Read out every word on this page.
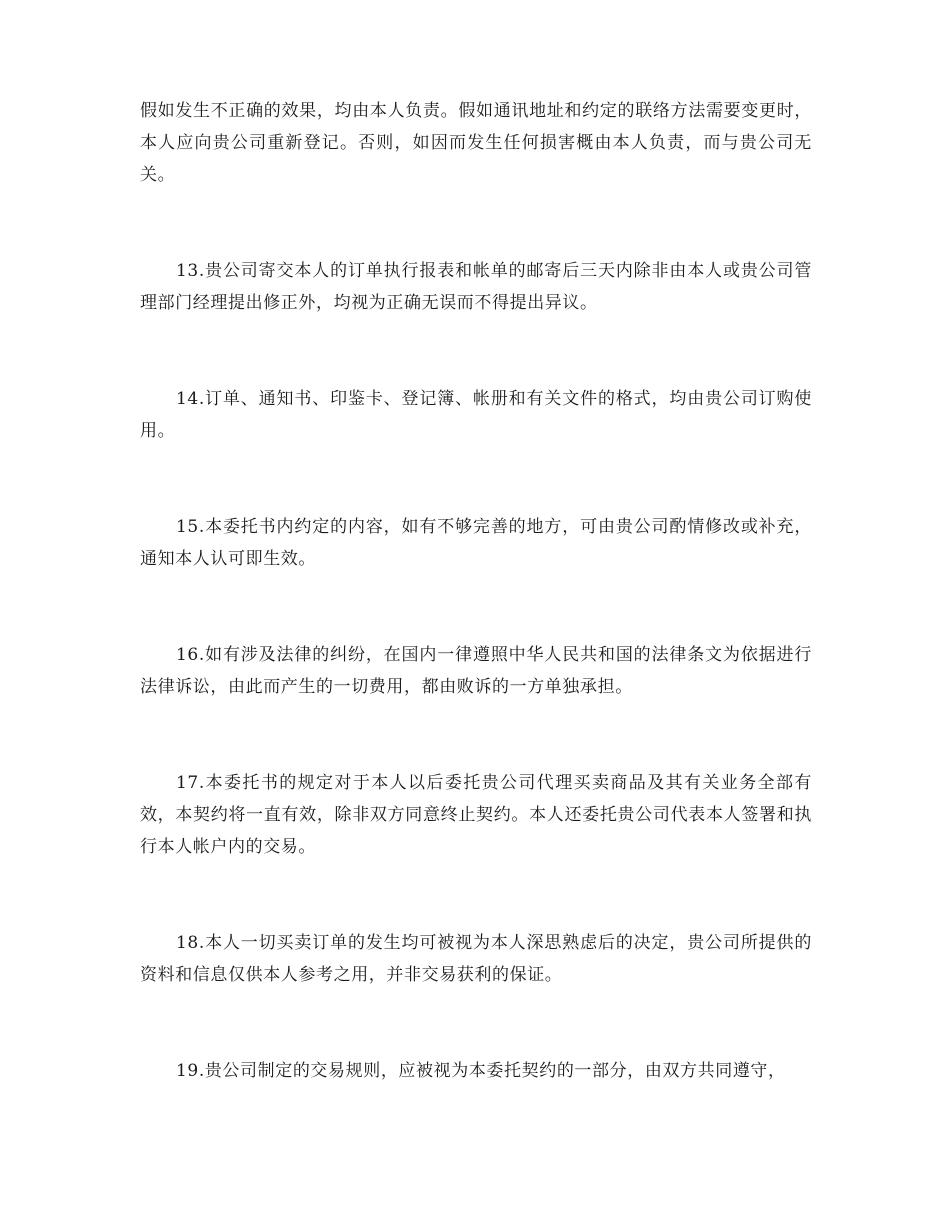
假如发生不正确的效果，均由本人负责。假如通讯地址和约定的联络方法需要变更时，本人应向贵公司重新登记。否则，如因而发生任何损害概由本人负责，而与贵公司无关。

13.贵公司寄交本人的订单执行报表和帐单的邮寄后三天内除非由本人或贵公司管理部门经理提出修正外，均视为正确无误而不得提出异议。

14.订单、通知书、印鉴卡、登记簿、帐册和有关文件的格式，均由贵公司订购使用。

15.本委托书内约定的内容，如有不够完善的地方，可由贵公司酌情修改或补充，通知本人认可即生效。

16.如有涉及法律的纠纷，在国内一律遵照中华人民共和国的法律条文为依据进行法律诉讼，由此而产生的一切费用，都由败诉的一方单独承担。

17.本委托书的规定对于本人以后委托贵公司代理买卖商品及其有关业务全部有效，本契约将一直有效，除非双方同意终止契约。本人还委托贵公司代表本人签署和执行本人帐户内的交易。

18.本人一切买卖订单的发生均可被视为本人深思熟虑后的决定，贵公司所提供的资料和信息仅供本人参考之用，并非交易获利的保证。

19.贵公司制定的交易规则，应被视为本委托契约的一部分，由双方共同遵守，
